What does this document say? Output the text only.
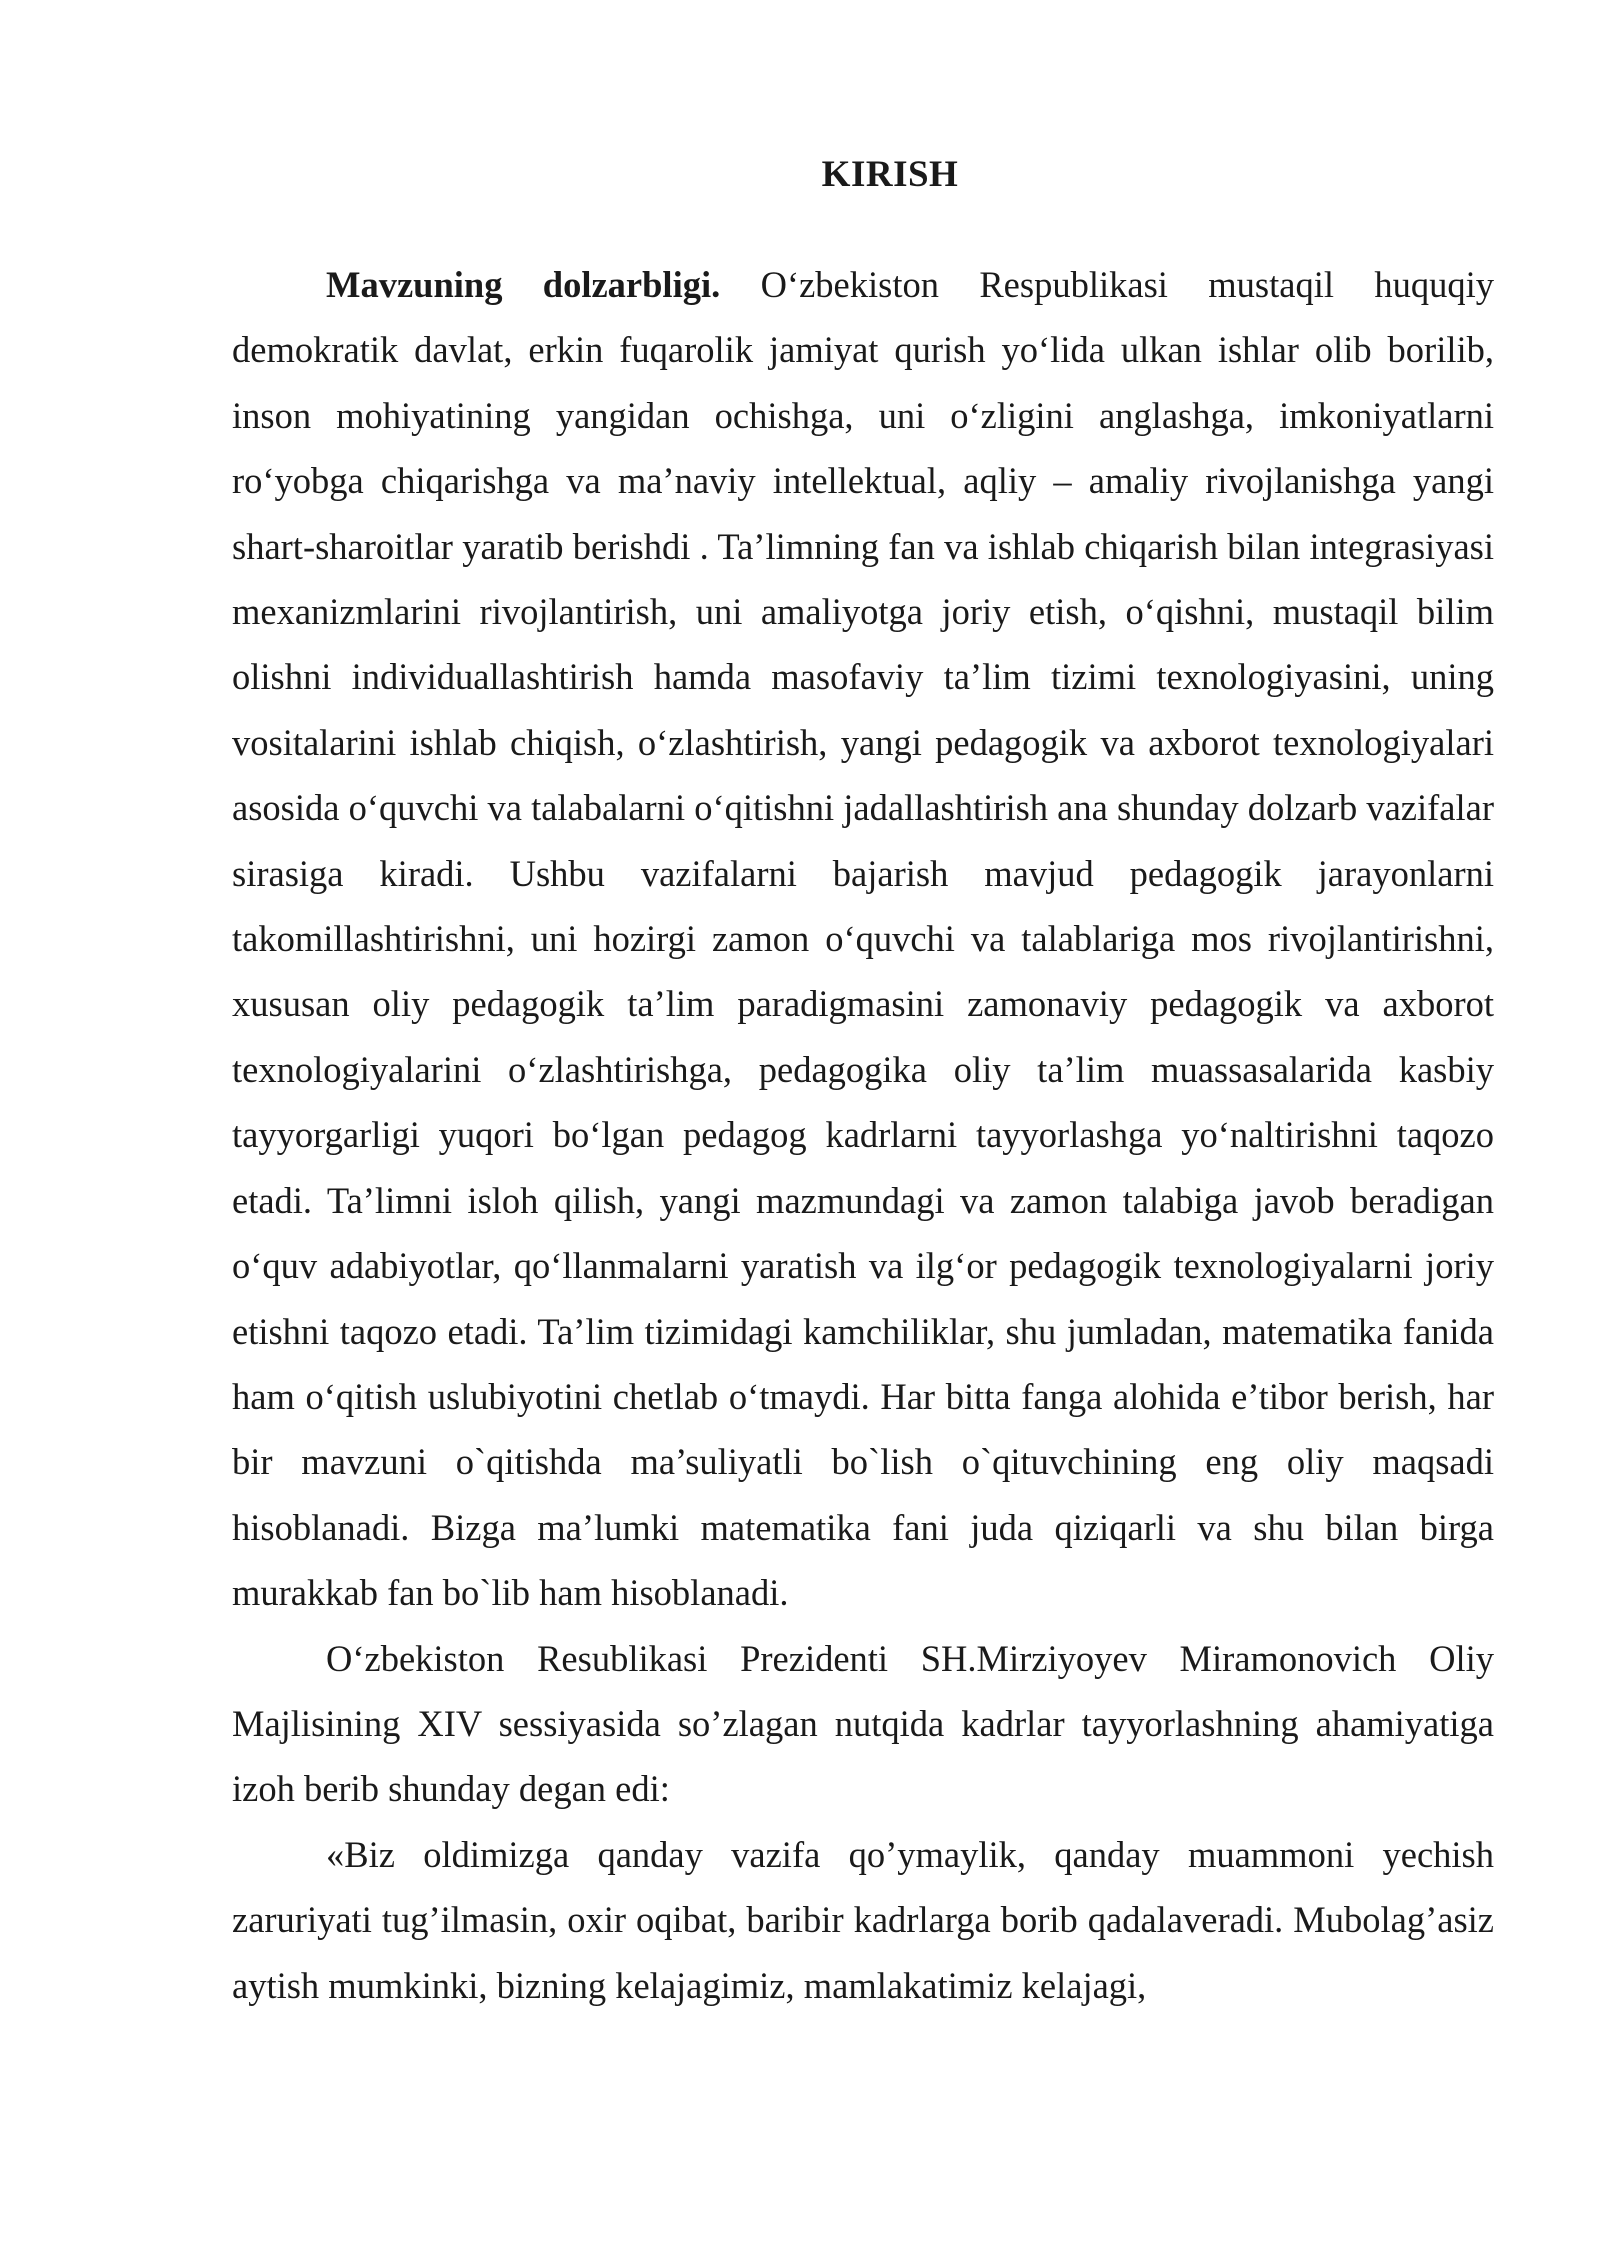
KIRISH

Mavzuning dolzarbligi. O‘zbekiston Respublikasi mustaqil huquqiy demokratik davlat, erkin fuqarolik jamiyat qurish yo‘lida ulkan ishlar olib borilib, inson mohiyatining yangidan ochishga, uni o‘zligini anglashga, imkoniyatlarni ro‘yobga chiqarishga va ma’naviy intellektual, aqliy – amaliy rivojlanishga yangi shart-sharoitlar yaratib berishdi . Ta’limning fan va ishlab chiqarish bilan integrasiyasi mexanizmlarini rivojlantirish, uni amaliyotga joriy etish, o‘qishni, mustaqil bilim olishni individuallashtirish hamda masofaviy ta’lim tizimi texnologiyasini, uning vositalarini ishlab chiqish, o‘zlashtirish, yangi pedagogik va axborot texnologiyalari asosida o‘quvchi va talabalarni o‘qitishni jadallashtirish ana shunday dolzarb vazifalar sirasiga kiradi. Ushbu vazifalarni bajarish mavjud pedagogik jarayonlarni takomillashtirishni, uni hozirgi zamon o‘quvchi va talablariga mos rivojlantirishni, xususan oliy pedagogik ta’lim paradigmasini zamonaviy pedagogik va axborot texnologiyalarini o‘zlashtirishga, pedagogika oliy ta’lim muassasalarida kasbiy tayyorgarligi yuqori bo‘lgan pedagog kadrlarni tayyorlashga yo‘naltirishni taqozo etadi. Ta’limni isloh qilish, yangi mazmundagi va zamon talabiga javob beradigan o‘quv adabiyotlar, qo‘llanmalarni yaratish va ilg‘or pedagogik texnologiyalarni joriy etishni taqozo etadi. Ta’lim tizimidagi kamchiliklar, shu jumladan, matematika fanida ham o‘qitish uslubiyotini chetlab o‘tmaydi. Har bitta fanga alohida e’tibor berish, har bir mavzuni o`qitishda ma’suliyatli bo`lish o`qituvchining eng oliy maqsadi hisoblanadi. Bizga ma’lumki matematika fani juda qiziqarli va shu bilan birga murakkab fan bo`lib ham hisoblanadi.

O‘zbekiston Resublikasi Prezidenti SH.Mirziyoyev Miramonovich Oliy Majlisining XIV sessiyasida so’zlagan nutqida kadrlar tayyorlashning ahamiyatiga izoh berib shunday degan edi:

«Biz oldimizga qanday vazifa qo’ymaylik, qanday muammoni yechish zaruriyati tug’ilmasin, oxir oqibat, baribir kadrlarga borib qadalaveradi. Mubolag’asiz aytish mumkinki, bizning kelajagimiz, mamlakatimiz kelajagi,
